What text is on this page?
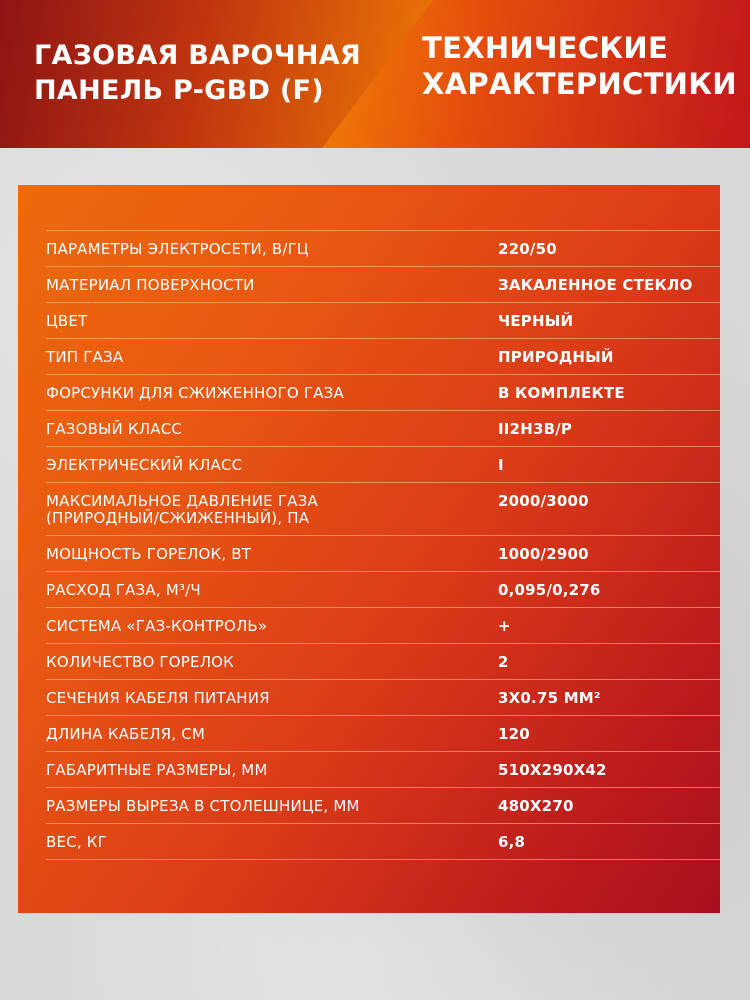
ГАЗОВАЯ ВАРОЧНАЯ
ПАНЕЛЬ P-GBD (F)
ТЕХНИЧЕСКИЕ
ХАРАКТЕРИСТИКИ
ПАРАМЕТРЫ ЭЛЕКТРОСЕТИ, В/ГЦ	220/50
МАТЕРИАЛ ПОВЕРХНОСТИ	ЗАКАЛЕННОЕ СТЕКЛО
ЦВЕТ	ЧЕРНЫЙ
ТИП ГАЗА	ПРИРОДНЫЙ
ФОРСУНКИ ДЛЯ СЖИЖЕННОГО ГАЗА	В КОМПЛЕКТЕ
ГАЗОВЫЙ КЛАСС	II2H3B/P
ЭЛЕКТРИЧЕСКИЙ КЛАСС	I
МАКСИМАЛЬНОЕ ДАВЛЕНИЕ ГАЗА
(ПРИРОДНЫЙ/СЖИЖЕННЫЙ), ПА	2000/3000
МОЩНОСТЬ ГОРЕЛОК, ВТ	1000/2900
РАСХОД ГАЗА, М³/Ч	0,095/0,276
СИСТЕМА «ГАЗ-КОНТРОЛЬ»	+
КОЛИЧЕСТВО ГОРЕЛОК	2
СЕЧЕНИЯ КАБЕЛЯ ПИТАНИЯ	3Х0.75 ММ²
ДЛИНА КАБЕЛЯ, СМ	120
ГАБАРИТНЫЕ РАЗМЕРЫ, ММ	510Х290Х42
РАЗМЕРЫ ВЫРЕЗА В СТОЛЕШНИЦЕ, ММ	480Х270
ВЕС, КГ	6,8
